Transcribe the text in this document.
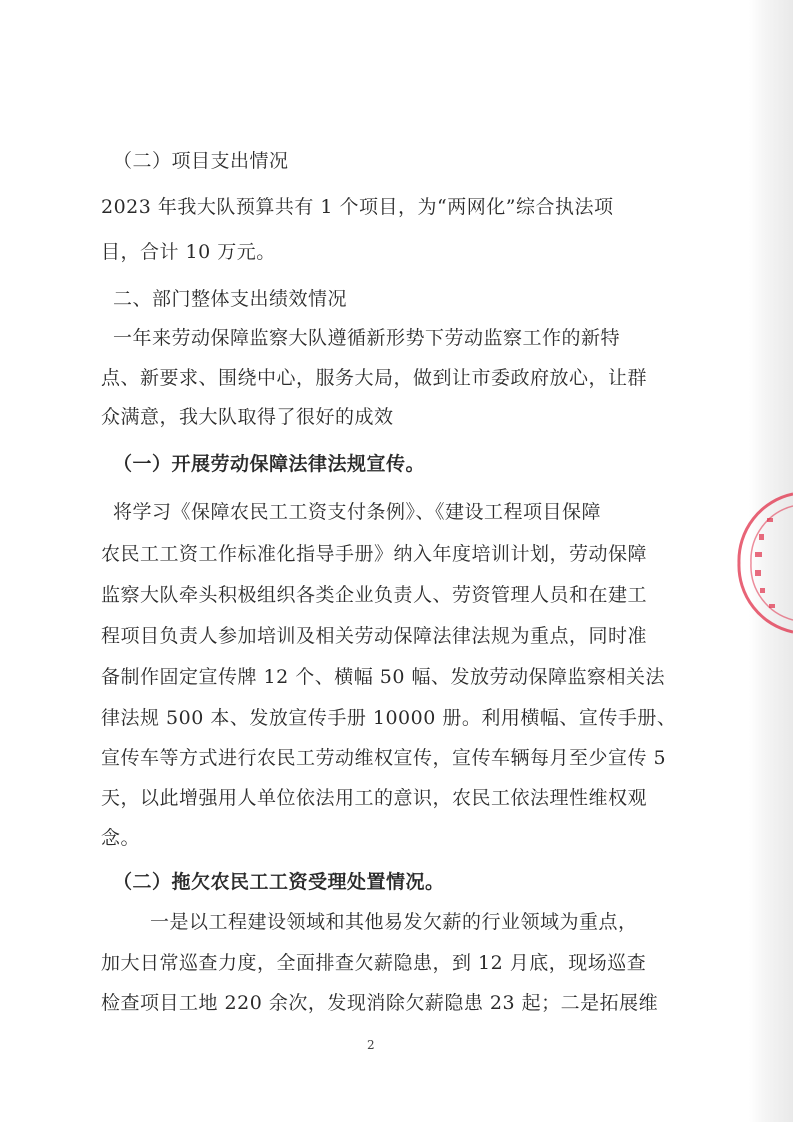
（二）项目支出情况
2023 年我大队预算共有 1 个项目，为“两网化”综合执法项
目，合计 10 万元。
二、部门整体支出绩效情况
一年来劳动保障监察大队遵循新形势下劳动监察工作的新特
点、新要求、围绕中心，服务大局，做到让市委政府放心，让群
众满意，我大队取得了很好的成效
（一）开展劳动保障法律法规宣传。
将学习《保障农民工工资支付条例》、《建设工程项目保障
农民工工资工作标准化指导手册》纳入年度培训计划，劳动保障
监察大队牵头积极组织各类企业负责人、劳资管理人员和在建工
程项目负责人参加培训及相关劳动保障法律法规为重点，同时准
备制作固定宣传牌 12 个、横幅 50 幅、发放劳动保障监察相关法
律法规 500 本、发放宣传手册 10000 册。利用横幅、宣传手册、
宣传车等方式进行农民工劳动维权宣传，宣传车辆每月至少宣传 5
天，以此增强用人单位依法用工的意识，农民工依法理性维权观
念。
（二）拖欠农民工工资受理处置情况。
一是以工程建设领域和其他易发欠薪的行业领域为重点，
加大日常巡查力度，全面排查欠薪隐患，到 12 月底，现场巡查
检查项目工地 220 余次，发现消除欠薪隐患 23 起；二是拓展维
2
